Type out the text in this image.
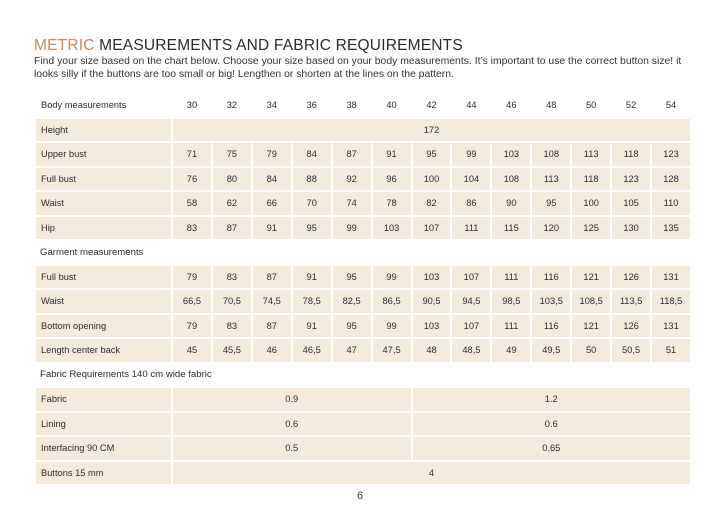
METRIC MEASUREMENTS AND FABRIC REQUIREMENTS
Find your size based on the chart below. Choose your size based on your body measurements. It’s important to use the correct button size! it looks silly if the buttons are too small or big! Lengthen or shorten at the lines on the pattern.
Body measurements	30	32	34	36	38	40	42	44	46	48	50	52	54
Height	172												
Upper bust	71	75	79	84	87	91	95	99	103	108	113	118	123
Full bust	76	80	84	88	92	96	100	104	108	113	118	123	128
Waist	58	62	66	70	74	78	82	86	90	95	100	105	110
Hip	83	87	91	95	99	103	107	111	115	120	125	130	135
Garment measurements													
Full bust	79	83	87	91	95	99	103	107	111	116	121	126	131
Waist	66,5	70,5	74,5	78,5	82,5	86,5	90,5	94,5	98,5	103,5	108,5	113,5	118,5
Bottom opening	79	83	87	91	95	99	103	107	111	116	121	126	131
Length center back	45	45,5	46	46,5	47	47,5	48	48,5	49	49,5	50	50,5	51
Fabric Requirements 140 cm wide fabric													
Fabric	0.9						1.2						
Lining	0.6						0.6						
Interfacing 90 CM	0.5						0.65						
Buttons 15 mm	4												
6
